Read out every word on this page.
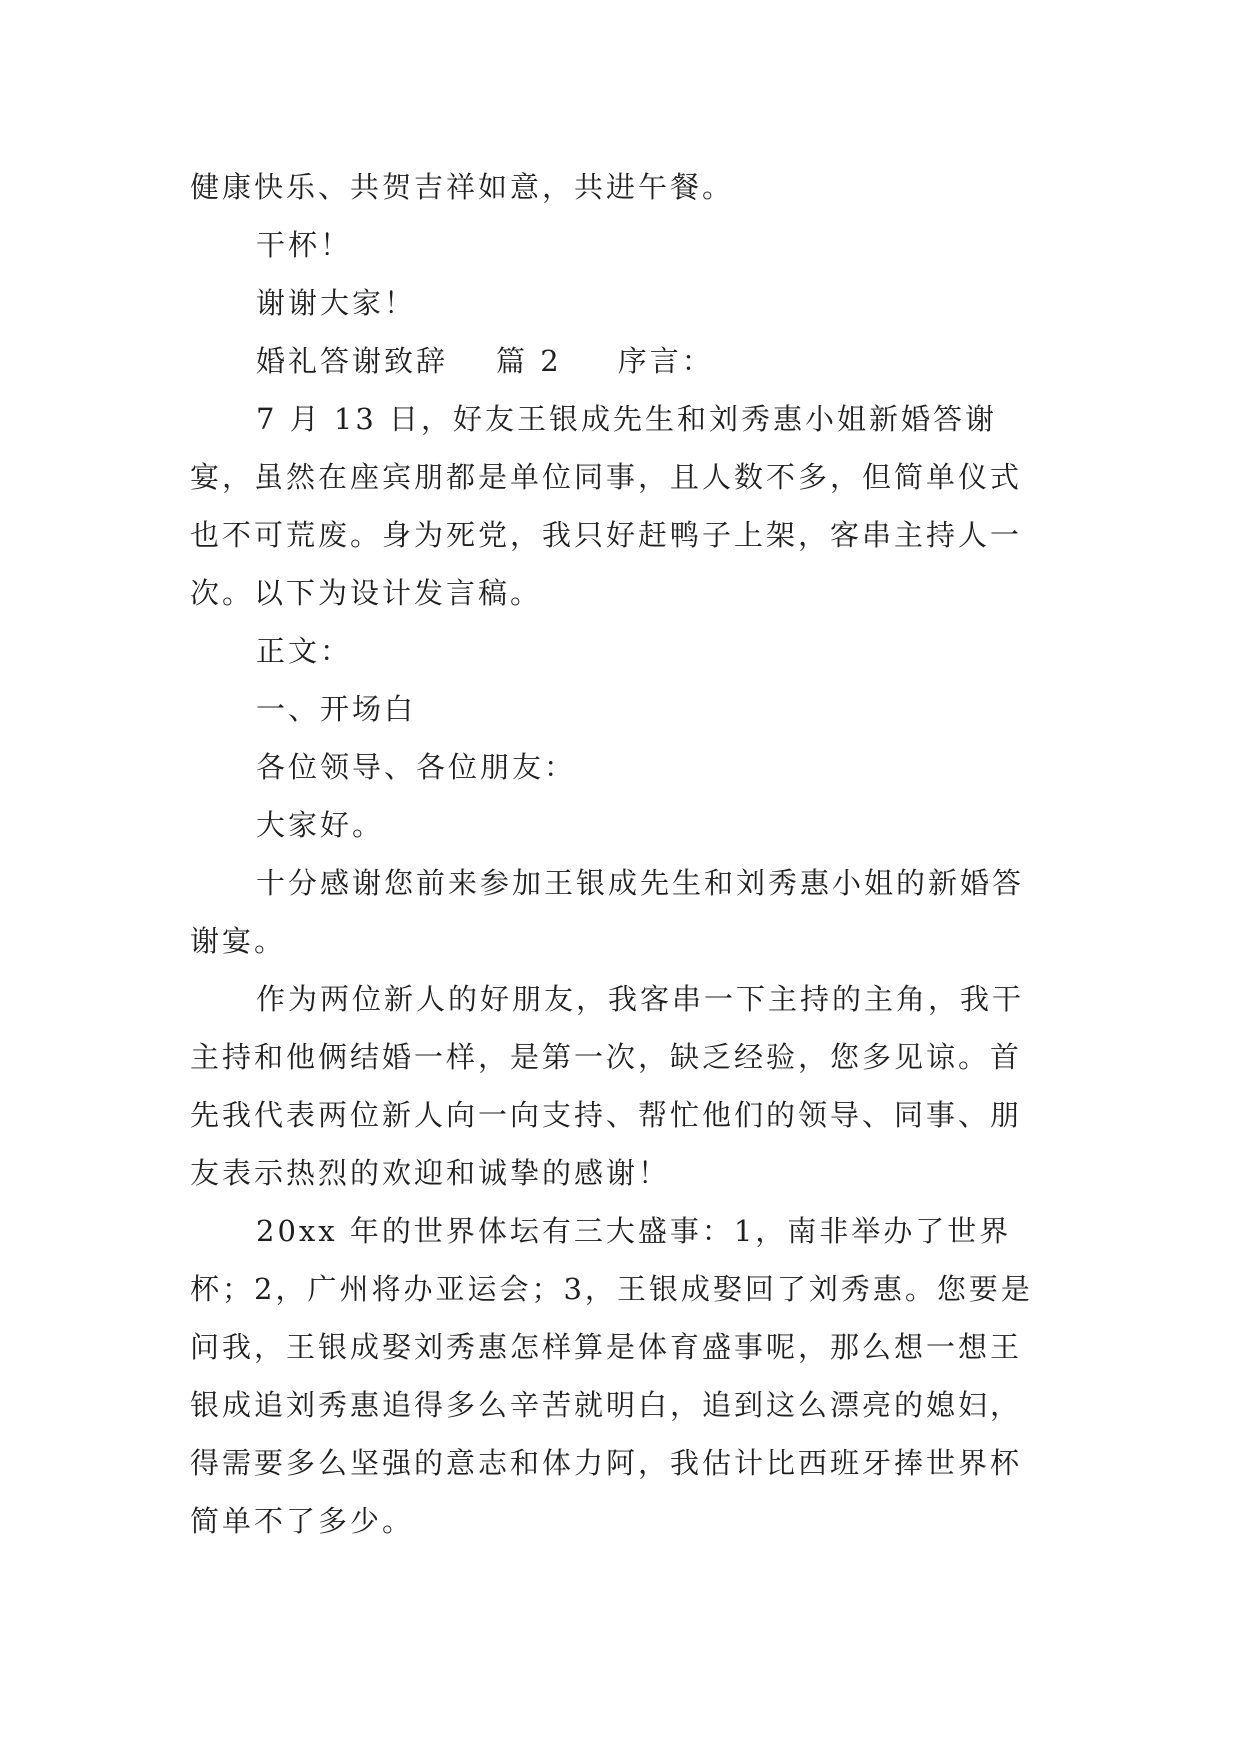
健康快乐、共贺吉祥如意，共进午餐。

干杯！

谢谢大家！

婚礼答谢致辞 篇 2 序言：

7 月 13 日，好友王银成先生和刘秀惠小姐新婚答谢宴，虽然在座宾朋都是单位同事，且人数不多，但简单仪式也不可荒废。身为死党，我只好赶鸭子上架，客串主持人一次。以下为设计发言稿。

正文：

一、开场白

各位领导、各位朋友：

大家好。

十分感谢您前来参加王银成先生和刘秀惠小姐的新婚答谢宴。

作为两位新人的好朋友，我客串一下主持的主角，我干主持和他俩结婚一样，是第一次，缺乏经验，您多见谅。首先我代表两位新人向一向支持、帮忙他们的领导、同事、朋友表示热烈的欢迎和诚挚的感谢！

20xx 年的世界体坛有三大盛事：1，南非举办了世界杯；2，广州将办亚运会；3，王银成娶回了刘秀惠。您要是问我，王银成娶刘秀惠怎样算是体育盛事呢，那么想一想王银成追刘秀惠追得多么辛苦就明白，追到这么漂亮的媳妇，得需要多么坚强的意志和体力阿，我估计比西班牙捧世界杯简单不了多少。
